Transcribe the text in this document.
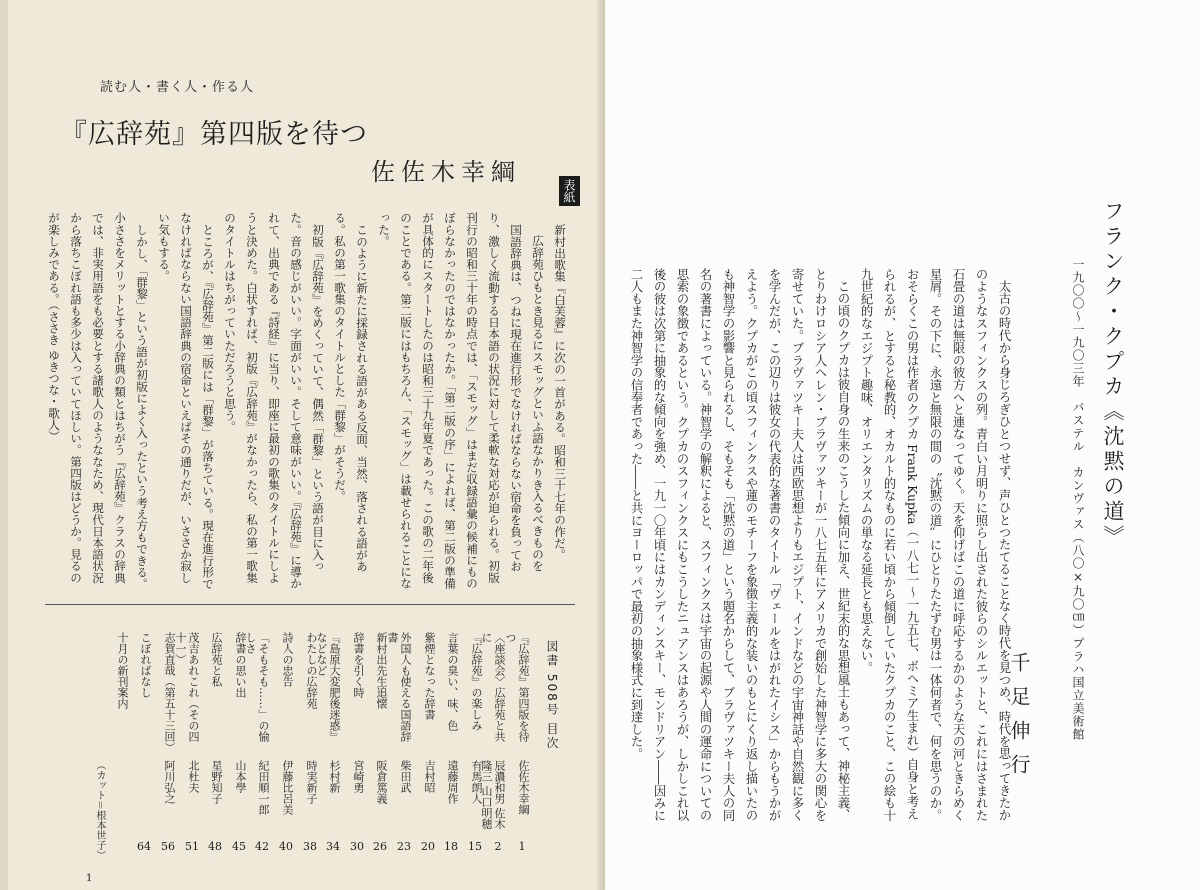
読む人・書く人・作る人
『広辞苑』第四版を待つ
佐佐木幸綱

新村出歌集『白芙蓉』に次の一首がある。昭和三十七年の作だ。

広辞苑ひもとき見るにスモッグといふ語なかりき入るべきものを

国語辞典は、つねに現在進行形でなければならない宿命を負っており、激しく流動する日本語の状況に対して柔軟な対応が迫られる。初版刊行の昭和三十年の時点では、「スモッグ」はまだ収録語彙の候補にものぼらなかったのではなかったか。「第二版の序」によれば、第二版の準備が具体的にスタートしたのは昭和三十九年夏であった。この歌の二年後のことである。第二版にはもちろん、「スモッグ」は載せられることになった。

このように新たに採録される語がある反面、当然、落される語がある。私の第一歌集のタイトルとした「群黎」がそうだ。

初版『広辞苑』をめくっていて、偶然「群黎」という語が目に入った。音の感じがいい。字面がいい。そして意味がいい。『広辞苑』に導かれて、出典である『詩経』に当り、即座に最初の歌集のタイトルにしようと決めた。白状すれば、初版『広辞苑』がなかったら、私の第一歌集のタイトルはちがっていただろうと思う。

ところが、『広辞苑』第二版には「群黎」が落ちている。現在進行形でなければならない国語辞典の宿命といえばその通りだが、いささか寂しい気もする。

しかし、「群黎」という語が初版によく入ったという考え方もできる。小ささをメリットとする小辞典の類とはちがう『広辞苑』クラスの辞典では、非実用語をも必要とする諸歌人のようななため、現代日本語状況から落ちこぼれ語も多少は入っていてほしい。第四版はどうか。見るのが楽しみである。（ささき ゆきつな・歌人）

図書 508号 目次
『広辞苑』第四版を待つ
佐佐木幸綱
1
〈座談会〉広辞苑と共に
辰濃和男 佐木隆三 山口明穂
2
『広辞苑』の楽しみ
有馬朗人
15
言葉の臭い、味、色
遠藤周作
18
紫煙となった辞書
吉村昭
20
外国人も使える国語辞書
柴田武
23
新村出先生追懐
阪倉篤義
26
辞書を引く時
宮崎勇
30
『島原大変肥後迷惑』などなど
杉村新
34
わたしの広辞苑
時実新子
38
詩人の忠告
伊藤比呂美
40
「そもそも……」の愉しさ
紀田順一郎
42
辞書の思い出
山本學
45
広辞苑と私
星野知子
48
茂吉あれこれ（その四十一）
北杜夫
51
志賀直哉（第五十三回）
阿川弘之
56
こぼればなし
64
十月の新刊案内
（カット＝根本世子）
1
表紙
フランク・クプカ《沈黙の道》
一九〇〇〜一九〇三年　パステル　カンヴァス（八〇×九〇㎝）プラハ国立美術館
千足伸行

太古の時代から身じろぎひとつせず、声ひとつたてることなく時代を見つめ、時代を思ってきたかのようなスフィンクスの列。青白い月明りに照らし出された彼らのシルエットと、これにはさまれた石畳の道は無限の彼方へと連なってゆく。天を仰げばこの道に呼応するかのような天の河ときらめく星屑。その下に、永遠と無限の間の〝沈黙の道〟にひとりたたずむ男は一体何者で、何を思うのか。おそらくこの男は作者のクプカ Frank Kupka（一八七一〜一九五七、ボヘミア生まれ）自身と考えられるが、とすると秘教的、オカルト的なものに若い頃から傾倒していたクプカのこと、この絵も十九世紀的なエジプト趣味、オリエンタリズムの単なる延長とも思えない。

この頃のクプカは彼自身の生来のこうした傾向に加え、世紀末的な思想風土もあって、神秘主義、とりわけロシア人ヘレン・ブラヴァツキーが一八七五年にアメリカで創始した神智学に多大の関心を寄せていた。ブラヴァツキー夫人は西欧思想よりもエジプト、インドなどの宇宙神話や自然観に多くを学んだが、この辺りは彼女の代表的な著書のタイトル「ヴェールをはがれたイシス」からもうかがえよう。クプカがこの頃スフィンクスや蓮のモチーフを象徴主義的な装いのもとにくり返し描いたのも神智学の影響と見られるし、そもそも「沈黙の道」という題名からして、ブラヴァツキー夫人の同名の著書によっている。神智学の解釈によると、スフィンクスは宇宙の起源や人間の運命についての思索の象徴であるという。クプカのスフィンクスにもこうしたニュアンスはあろうが、しかしこれ以後の彼は次第に抽象的な傾向を強め、一九一〇年頃にはカンディンスキー、モンドリアン――因みに二人もまた神智学の信奉者であった――と共にヨーロッパで最初の抽象様式に到達した。
